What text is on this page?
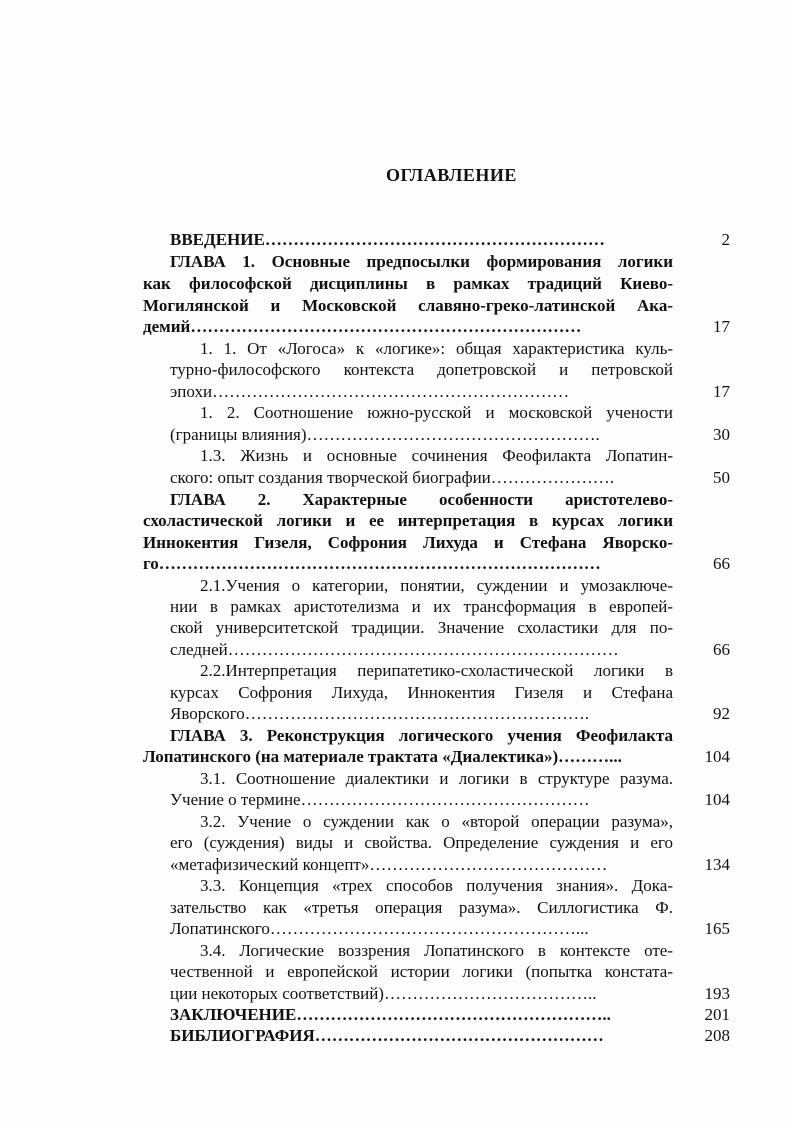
ОГЛАВЛЕНИЕ
ВВЕДЕНИЕ……………………………………………………	2
ГЛАВА 1. Основные предпосылки формирования логики
как философской дисциплины в рамках традиций Киево-
Могилянской и Московской славяно-греко-латинской Ака-
демий……………………………………………………………	17
1. 1. От «Логоса» к «логике»: общая характеристика куль-
турно-философского контекста допетровской и петровской
эпохи………………………………………………………	17
1. 2. Соотношение южно-русской и московской учености
(границы влияния)…………………………………………….	30
1.3. Жизнь и основные сочинения Феофилакта Лопатин-
ского: опыт создания творческой биографии………………….	50
ГЛАВА 2. Характерные особенности аристотелево-
схоластической логики и ее интерпретация в курсах логики
Иннокентия Гизеля, Софрония Лихуда и Стефана Яворско-
го……………………………………………………………………	66
2.1.Учения о категории, понятии, суждении и умозаключе-
нии в рамках аристотелизма и их трансформация в европей-
ской университетской традиции. Значение схоластики для по-
следней……………………………………………………………	66
2.2.Интерпретация перипатетико-схоластической логики в
курсах Софрония Лихуда, Иннокентия Гизеля и Стефана
Яворского…………………………………………………….	92
ГЛАВА 3. Реконструкция логического учения Феофилакта
Лопатинского (на материале трактата «Диалектика»)………...	104
3.1. Соотношение диалектики и логики в структуре разума.
Учение о термине……………………………………………	104
3.2. Учение о суждении как о «второй операции разума»,
его (суждения) виды и свойства. Определение суждения и его
«метафизический концепт»……………………………………	134
3.3. Концепция «трех способов получения знания». Дока-
зательство как «третья операция разума». Силлогистика Ф.
Лопатинского………………………………………………...	165
3.4. Логические воззрения Лопатинского в контексте оте-
чественной и европейской истории логики (попытка констата-
ции некоторых соответствий)………………………………..	193
ЗАКЛЮЧЕНИЕ………………………………………………..	201
БИБЛИОГРАФИЯ……………………………………………	208
